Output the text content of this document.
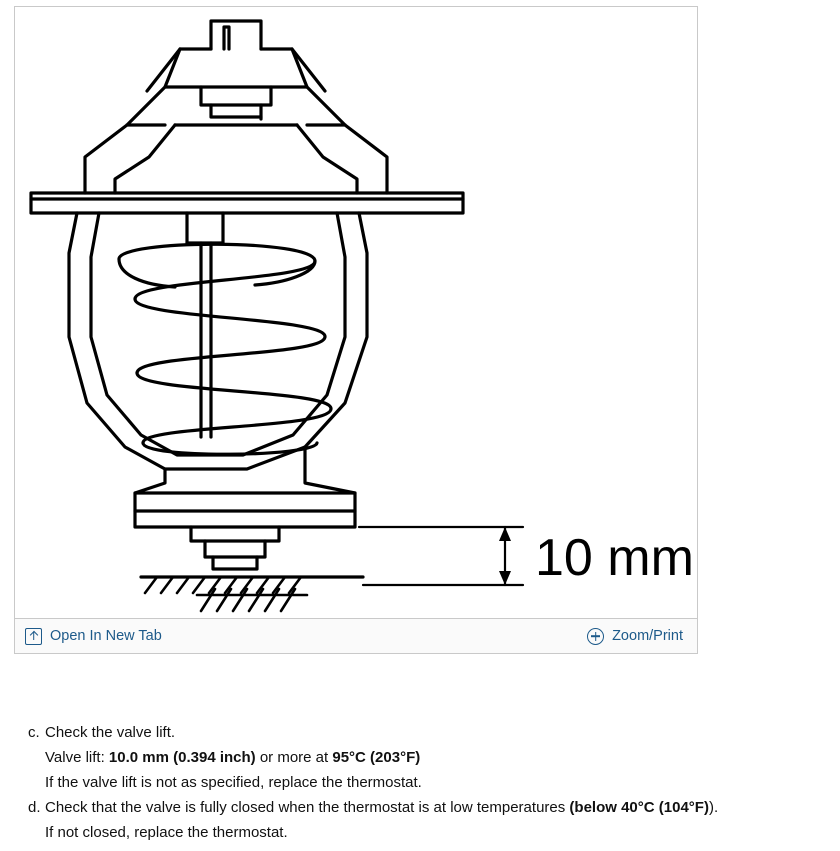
10 mm
Open In New Tab	Zoom/Print
c. Check the valve lift.
Valve lift: 10.0 mm (0.394 inch) or more at 95°C (203°F)
If the valve lift is not as specified, replace the thermostat.
d. Check that the valve is fully closed when the thermostat is at low temperatures (below 40°C (104°F)).
If not closed, replace the thermostat.
